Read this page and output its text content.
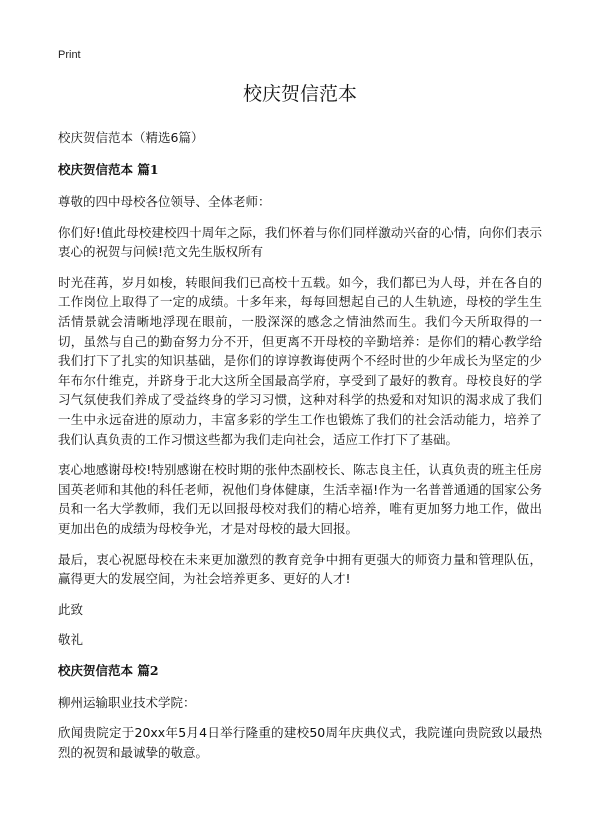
Print
校庆贺信范本

校庆贺信范本（精选6篇）

校庆贺信范本 篇1

尊敬的四中母校各位领导、全体老师：

你们好!值此母校建校四十周年之际，我们怀着与你们同样激动兴奋的心情，向你们表示衷心的祝贺与问候!范文先生版权所有

时光荏苒，岁月如梭，转眼间我们已高校十五载。如今，我们都已为人母，并在各自的工作岗位上取得了一定的成绩。十多年来，每每回想起自己的人生轨迹，母校的学生生活情景就会清晰地浮现在眼前，一股深深的感念之情油然而生。我们今天所取得的一切，虽然与自己的勤奋努力分不开，但更离不开母校的辛勤培养：是你们的精心教学给我们打下了扎实的知识基础，是你们的谆谆教诲使两个不经时世的少年成长为坚定的少年布尔什维克，并跻身于北大这所全国最高学府，享受到了最好的教育。母校良好的学习气氛使我们养成了受益终身的学习习惯，这种对科学的热爱和对知识的渴求成了我们一生中永远奋进的原动力，丰富多彩的学生工作也锻炼了我们的社会活动能力，培养了我们认真负责的工作习惯这些都为我们走向社会，适应工作打下了基础。

衷心地感谢母校!特别感谢在校时期的张仲杰副校长、陈志良主任，认真负责的班主任房国英老师和其他的科任老师，祝他们身体健康，生活幸福!作为一名普普通通的国家公务员和一名大学教师，我们无以回报母校对我们的精心培养，唯有更加努力地工作，做出更加出色的成绩为母校争光，才是对母校的最大回报。

最后，衷心祝愿母校在未来更加激烈的教育竞争中拥有更强大的师资力量和管理队伍，赢得更大的发展空间，为社会培养更多、更好的人才!

此致

敬礼

校庆贺信范本 篇2

柳州运输职业技术学院：

欣闻贵院定于20xx年5月4日举行隆重的建校50周年庆典仪式，我院谨向贵院致以最热烈的祝贺和最诚挚的敬意。
